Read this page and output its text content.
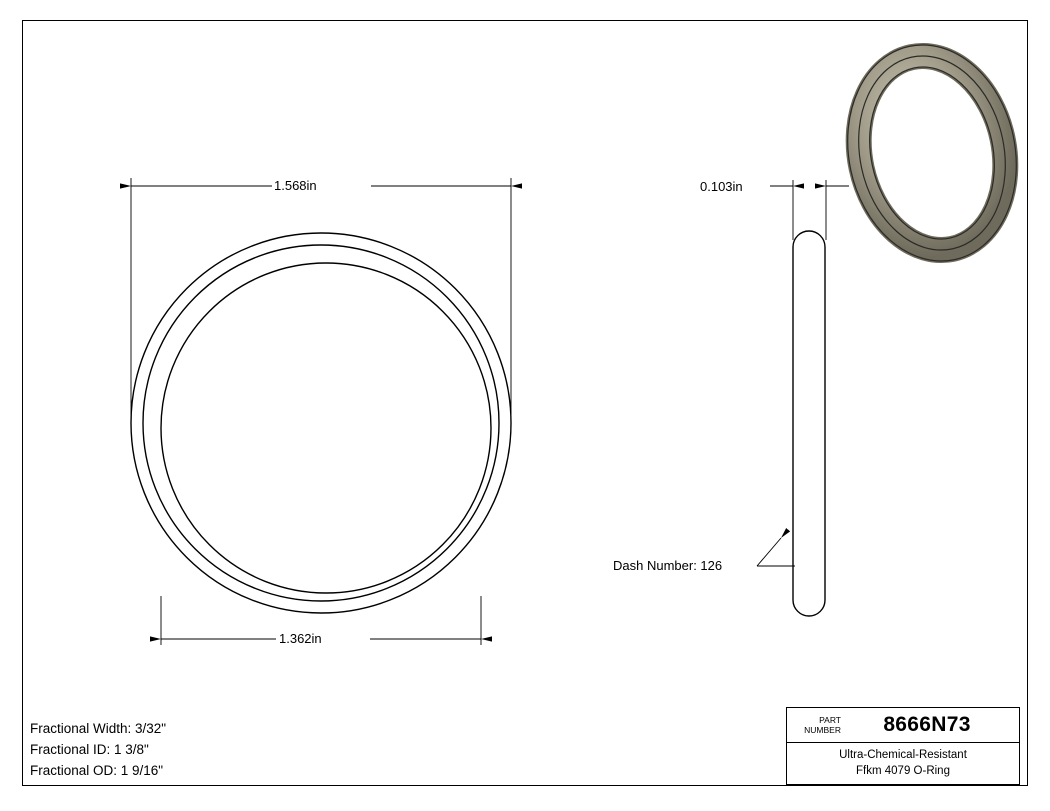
1.568in
1.362in
0.103in
Dash Number: 126
Fractional Width: 3/32"
Fractional ID: 1 3/8"
Fractional OD: 1 9/16"
PART
NUMBER	8666N73
Ultra-Chemical-Resistant
Ffkm 4079 O-Ring
